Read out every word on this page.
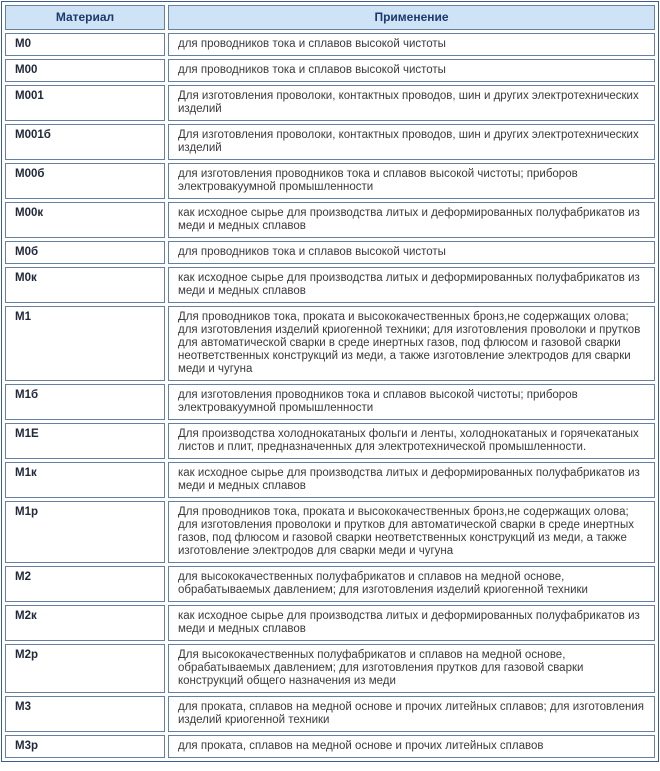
Материал	Применение
М0	для проводников тока и сплавов высокой чистоты
М00	для проводников тока и сплавов высокой чистоты
М001	Для изготовления проволоки, контактных проводов, шин и других электротехнических изделий
М001б	Для изготовления проволоки, контактных проводов, шин и других электротехнических изделий
М00б	для изготовления проводников тока и сплавов высокой чистоты; приборов электровакуумной промышленности
М00к	как исходное сырье для производства литых и деформированных полуфабрикатов из меди и медных сплавов
М0б	для проводников тока и сплавов высокой чистоты
М0к	как исходное сырье для производства литых и деформированных полуфабрикатов из меди и медных сплавов
М1	Для проводников тока, проката и высококачественных бронз,не содержащих олова; для изготовления изделий криогенной техники; для изготовления проволоки и прутков для автоматической сварки в среде инертных газов, под флюсом и газовой сварки неответственных конструкций из меди, а также изготовление электродов для сварки меди и чугуна
М1б	для изготовления проводников тока и сплавов высокой чистоты; приборов электровакуумной промышленности
М1Е	Для производства холоднокатаных фольги и ленты, холоднокатаных и горячекатаных листов и плит, предназначенных для электротехнической промышленности.
М1к	как исходное сырье для производства литых и деформированных полуфабрикатов из меди и медных сплавов
М1р	Для проводников тока, проката и высококачественных бронз,не содержащих олова; для изготовления проволоки и прутков для автоматической сварки в среде инертных газов, под флюсом и газовой сварки неответственных конструкций из меди, а также изготовление электродов для сварки меди и чугуна
М2	для высококачественных полуфабрикатов и сплавов на медной основе, обрабатываемых давлением; для изготовления изделий криогенной техники
М2к	как исходное сырье для производства литых и деформированных полуфабрикатов из меди и медных сплавов
М2р	Для высококачественных полуфабрикатов и сплавов на медной основе, обрабатываемых давлением; для изготовления прутков для газовой сварки конструкций общего назначения из меди
М3	для проката, сплавов на медной основе и прочих литейных сплавов; для изготовления изделий криогенной техники
М3р	для проката, сплавов на медной основе и прочих литейных сплавов
